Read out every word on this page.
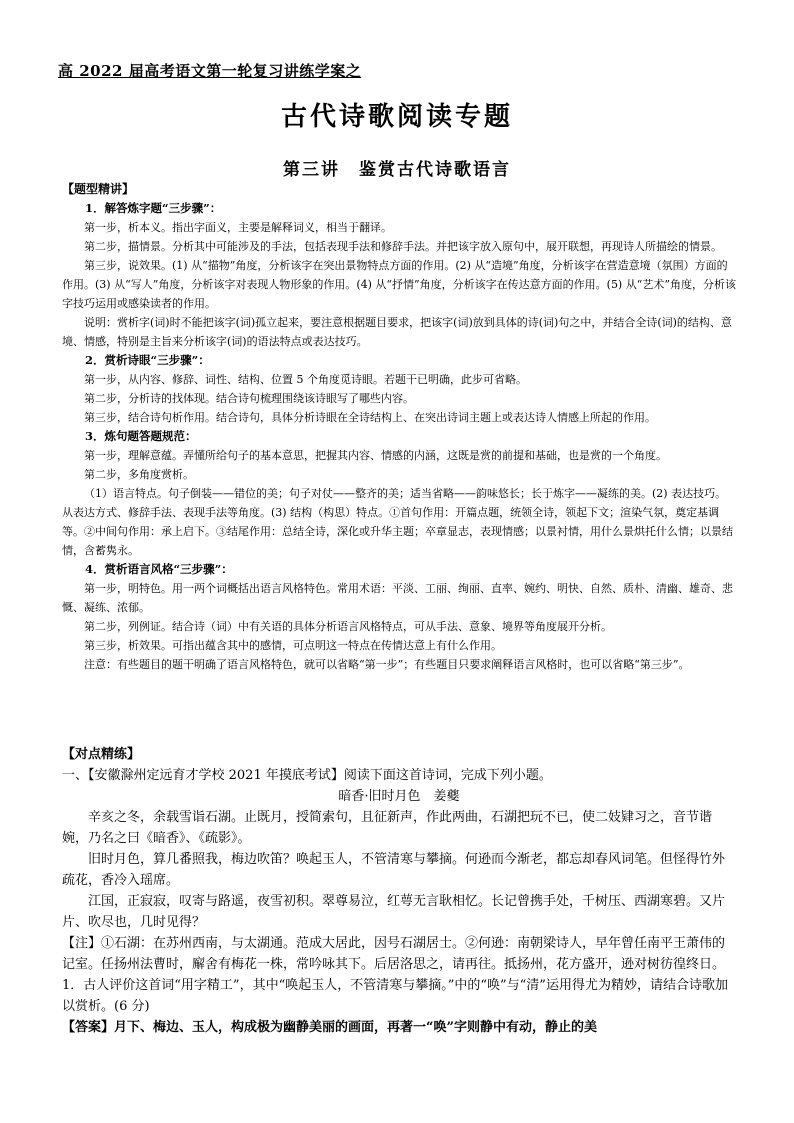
高 2022 届高考语文第一轮复习讲练学案之
古代诗歌阅读专题
第三讲　鉴赏古代诗歌语言

【题型精讲】

1．解答炼字题“三步骤”：

第一步，析本义。指出字面义，主要是解释词义，相当于翻译。

第二步，描情景。分析其中可能涉及的手法，包括表现手法和修辞手法。并把该字放入原句中，展开联想，再现诗人所描绘的情景。

第三步，说效果。(1) 从“描物”角度，分析该字在突出景物特点方面的作用。(2) 从“造境”角度，分析该字在营造意境（氛围）方面的作用。(3) 从“写人”角度，分析该字对表现人物形象的作用。(4) 从“抒情”角度，分析该字在传达意方面的作用。(5) 从“艺术”角度，分析该字技巧运用或感染读者的作用。

说明：赏析字(词)时不能把该字(词)孤立起来，要注意根据题目要求，把该字(词)放到具体的诗(词)句之中，并结合全诗(词)的结构、意境、情感，特别是主旨来分析该字(词)的语法特点或表达技巧。

2．赏析诗眼“三步骤”：

第一步，从内容、修辞、词性、结构、位置 5 个角度觅诗眼。若题干已明确，此步可省略。

第二步，分析诗的找体现。结合诗句梳理围绕该诗眼写了哪些内容。

第三步，结合诗句析作用。结合诗句，具体分析诗眼在全诗结构上、在突出诗词主题上或表达诗人情感上所起的作用。

3．炼句题答题规范：

第一步，理解意蕴。弄懂所给句子的基本意思，把握其内容、情感的内涵，这既是赏的前提和基础，也是赏的一个角度。

第二步，多角度赏析。

（1）语言特点。句子倒装——错位的美；句子对仗——整齐的美；适当省略——韵味悠长；长于炼字——凝练的美。(2) 表达技巧。从表达方式、修辞手法、表现手法等角度。(3) 结构（构思）特点。①首句作用：开篇点题，统领全诗，领起下文；渲染气氛，奠定基调等。②中间句作用：承上启下。③结尾作用：总结全诗，深化或升华主题；卒章显志，表现情感；以景衬情，用什么景烘托什么情；以景结情，含蓄隽永。

4．赏析语言风格“三步骤”：

第一步，明特色。用一两个词概括出语言风格特色。常用术语：平淡、工丽、绚丽、直率、婉约、明快、自然、质朴、清幽、雄奇、悲慨、凝练、浓郁。

第二步，列例证。结合诗（词）中有关语的具体分析语言风格特点，可从手法、意象、境界等角度展开分析。

第三步，析效果。可指出蕴含其中的感情，可点明这一特点在传情达意上有什么作用。

注意：有些题目的题干明确了语言风格特色，就可以省略“第一步”；有些题目只要求阐释语言风格时，也可以省略“第三步”。

【对点精练】

一、【安徽滁州定远育才学校 2021 年摸底考试】阅读下面这首诗词，完成下列小题。

暗香·旧时月色　姜夔

辛亥之冬，余载雪诣石湖。止既月，授简索句，且征新声，作此两曲，石湖把玩不已，使二妓肄习之，音节谐婉，乃名之曰《暗香》、《疏影》。

旧时月色，算几番照我，梅边吹笛？唤起玉人，不管清寒与攀摘。何逊而今渐老，都忘却春风词笔。但怪得竹外疏花，香冷入瑶席。

江国，正寂寂，叹寄与路遥，夜雪初积。翠尊易泣，红萼无言耿相忆。长记曾携手处，千树压、西湖寒碧。又片片、吹尽也，几时见得？

【注】①石湖：在苏州西南，与太湖通。范成大居此，因号石湖居士。②何逊：南朝梁诗人，早年曾任南平王萧伟的记室。任扬州法曹时，廨舍有梅花一株，常吟咏其下。后居洛思之，请再往。抵扬州，花方盛开，逊对树彷徨终日。

1．古人评价这首词“用字精工”，其中“唤起玉人，不管清寒与攀摘。”中的“唤”与“清”运用得尤为精妙，请结合诗歌加以赏析。(6 分)

【答案】月下、梅边、玉人，构成极为幽静美丽的画面，再著一“唤”字则静中有动，静止的美
